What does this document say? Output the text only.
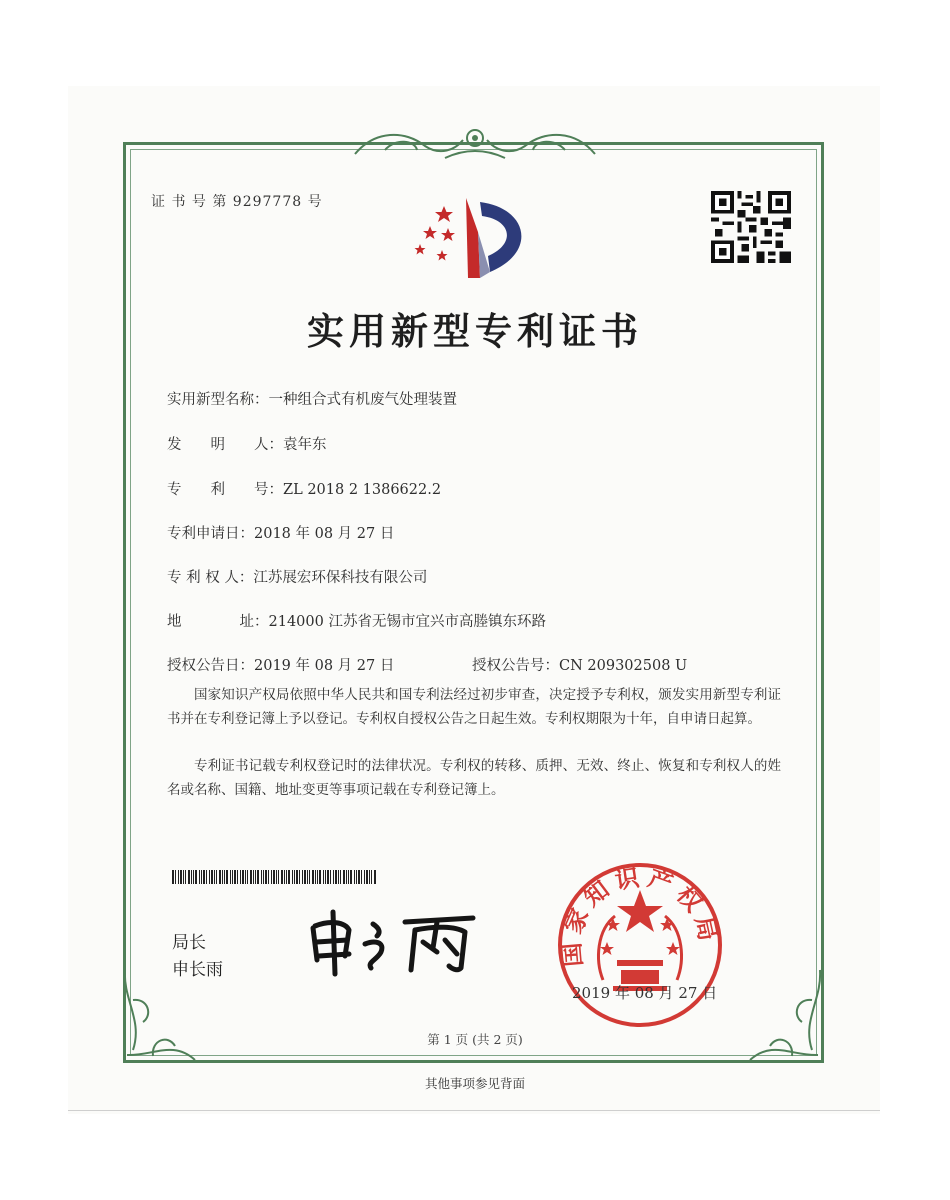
证 书 号 第 9297778 号
实用新型专利证书
实用新型名称：一种组合式有机废气处理装置
发　　明　　人：袁年东
专　　利　　号：ZL 2018 2 1386622.2
专利申请日：2018 年 08 月 27 日
专 利 权 人：江苏展宏环保科技有限公司
地　　　　址：214000 江苏省无锡市宜兴市高塍镇东环路
授权公告日：2019 年 08 月 27 日	授权公告号：CN 209302508 U
国家知识产权局依照中华人民共和国专利法经过初步审查，决定授予专利权，颁发实用新型专利证书并在专利登记簿上予以登记。专利权自授权公告之日起生效。专利权期限为十年，自申请日起算。
专利证书记载专利权登记时的法律状况。专利权的转移、质押、无效、终止、恢复和专利权人的姓名或名称、国籍、地址变更等事项记载在专利登记簿上。
局长
申长雨
国家知识产权局
2019 年 08 月 27 日
第 1 页 (共 2 页)
其他事项参见背面
